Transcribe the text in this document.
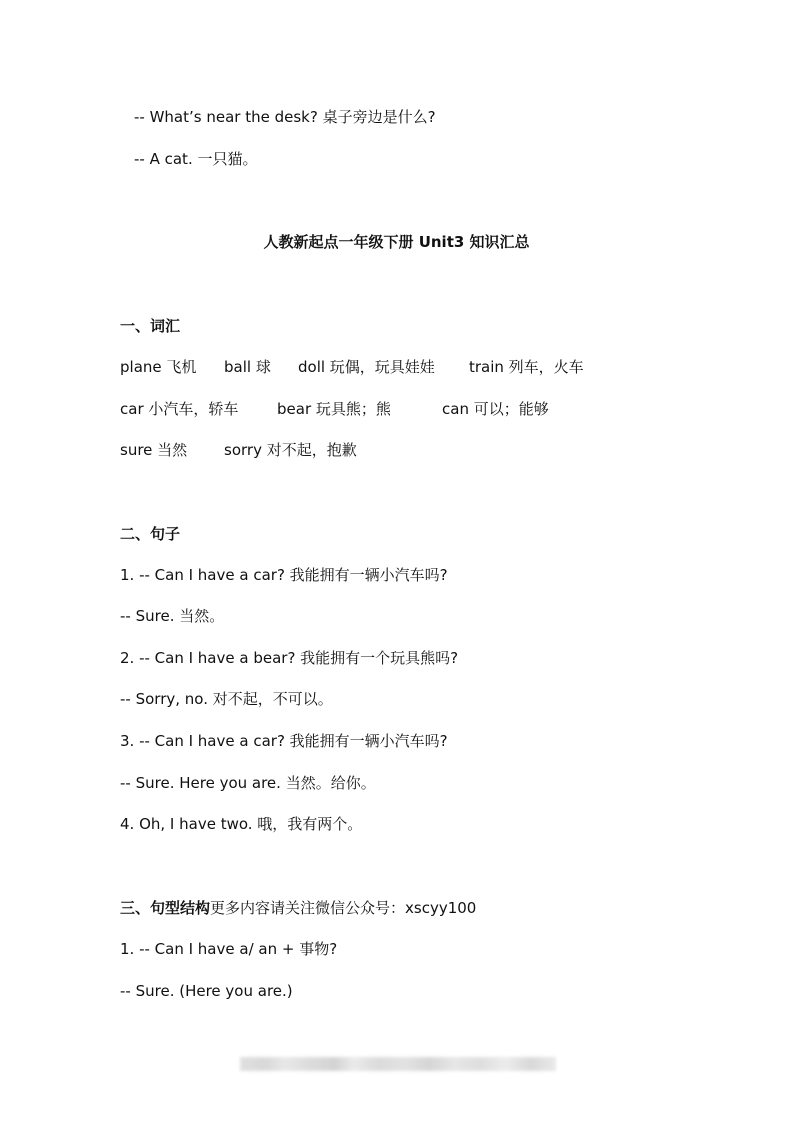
-- What’s near the desk? 桌子旁边是什么?
-- A cat. 一只猫。
人教新起点一年级下册 Unit3 知识汇总
一、词汇
plane 飞机 ball 球 doll 玩偶，玩具娃娃 train 列车，火车
car 小汽车，轿车	bear 玩具熊；熊	can 可以；能够
sure 当然 sorry 对不起，抱歉
二、句子
1. -- Can I have a car? 我能拥有一辆小汽车吗?
-- Sure. 当然。
2. -- Can I have a bear? 我能拥有一个玩具熊吗?
-- Sorry, no. 对不起，不可以。
3. -- Can I have a car? 我能拥有一辆小汽车吗?
-- Sure. Here you are. 当然。给你。
4. Oh, I have two. 哦，我有两个。
三、句型结构更多内容请关注微信公众号：xscyy100
1. -- Can I have a/ an + 事物?
-- Sure. (Here you are.)
